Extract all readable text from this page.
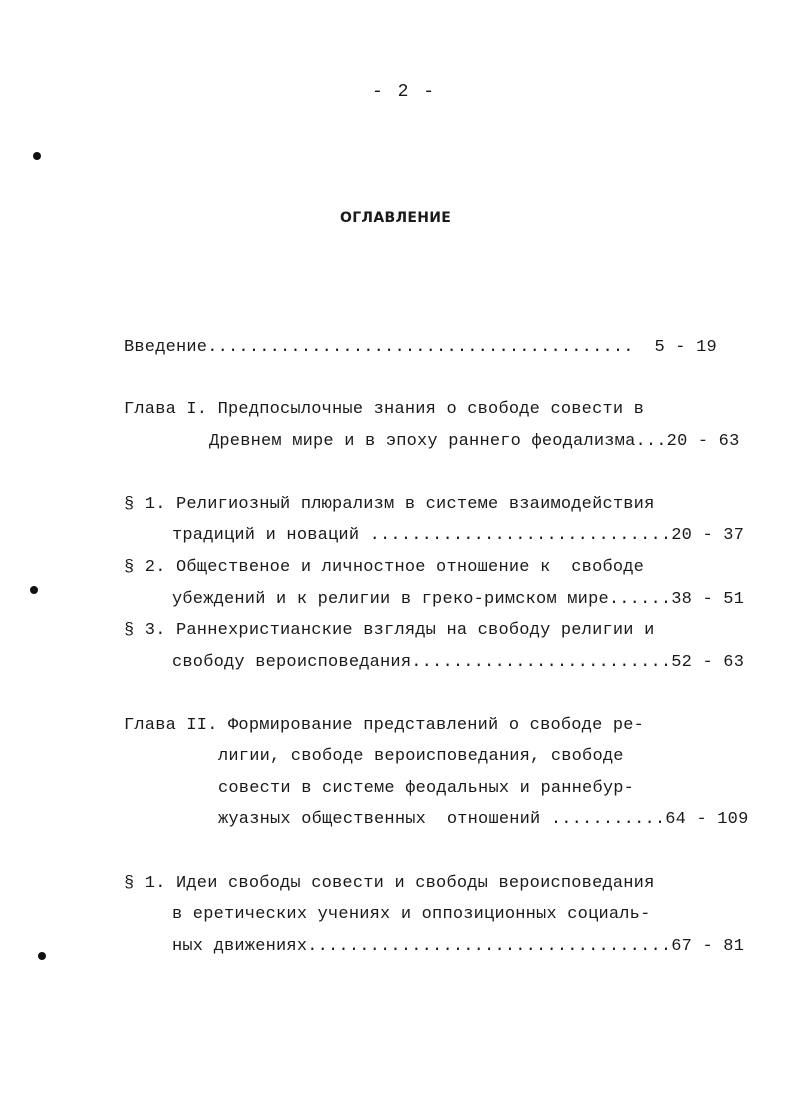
- 2 -
ОГЛАВЛЕНИЕ
Введение.........................................  5 - 19
Глава I. Предпосылочные знания о свободе совести в
Древнем мире и в эпоху раннего феодализма...20 - 63
§ 1. Религиозный плюрализм в системе взаимодействия
традиций и новаций .............................20 - 37
§ 2. Общественое и личностное отношение к  свободе
убеждений и к религии в греко-римском мире......38 - 51
§ 3. Раннехристианские взгляды на свободу религии и
свободу вероисповедания.........................52 - 63
Глава II. Формирование представлений о свободе ре-
лигии, свободе вероисповедания, свободе
совести в системе феодальных и раннебур-
жуазных общественных  отношений ...........64 - 109
§ 1. Идеи свободы совести и свободы вероисповедания
в еретических учениях и оппозиционных социаль-
ных движениях...................................67 - 81
